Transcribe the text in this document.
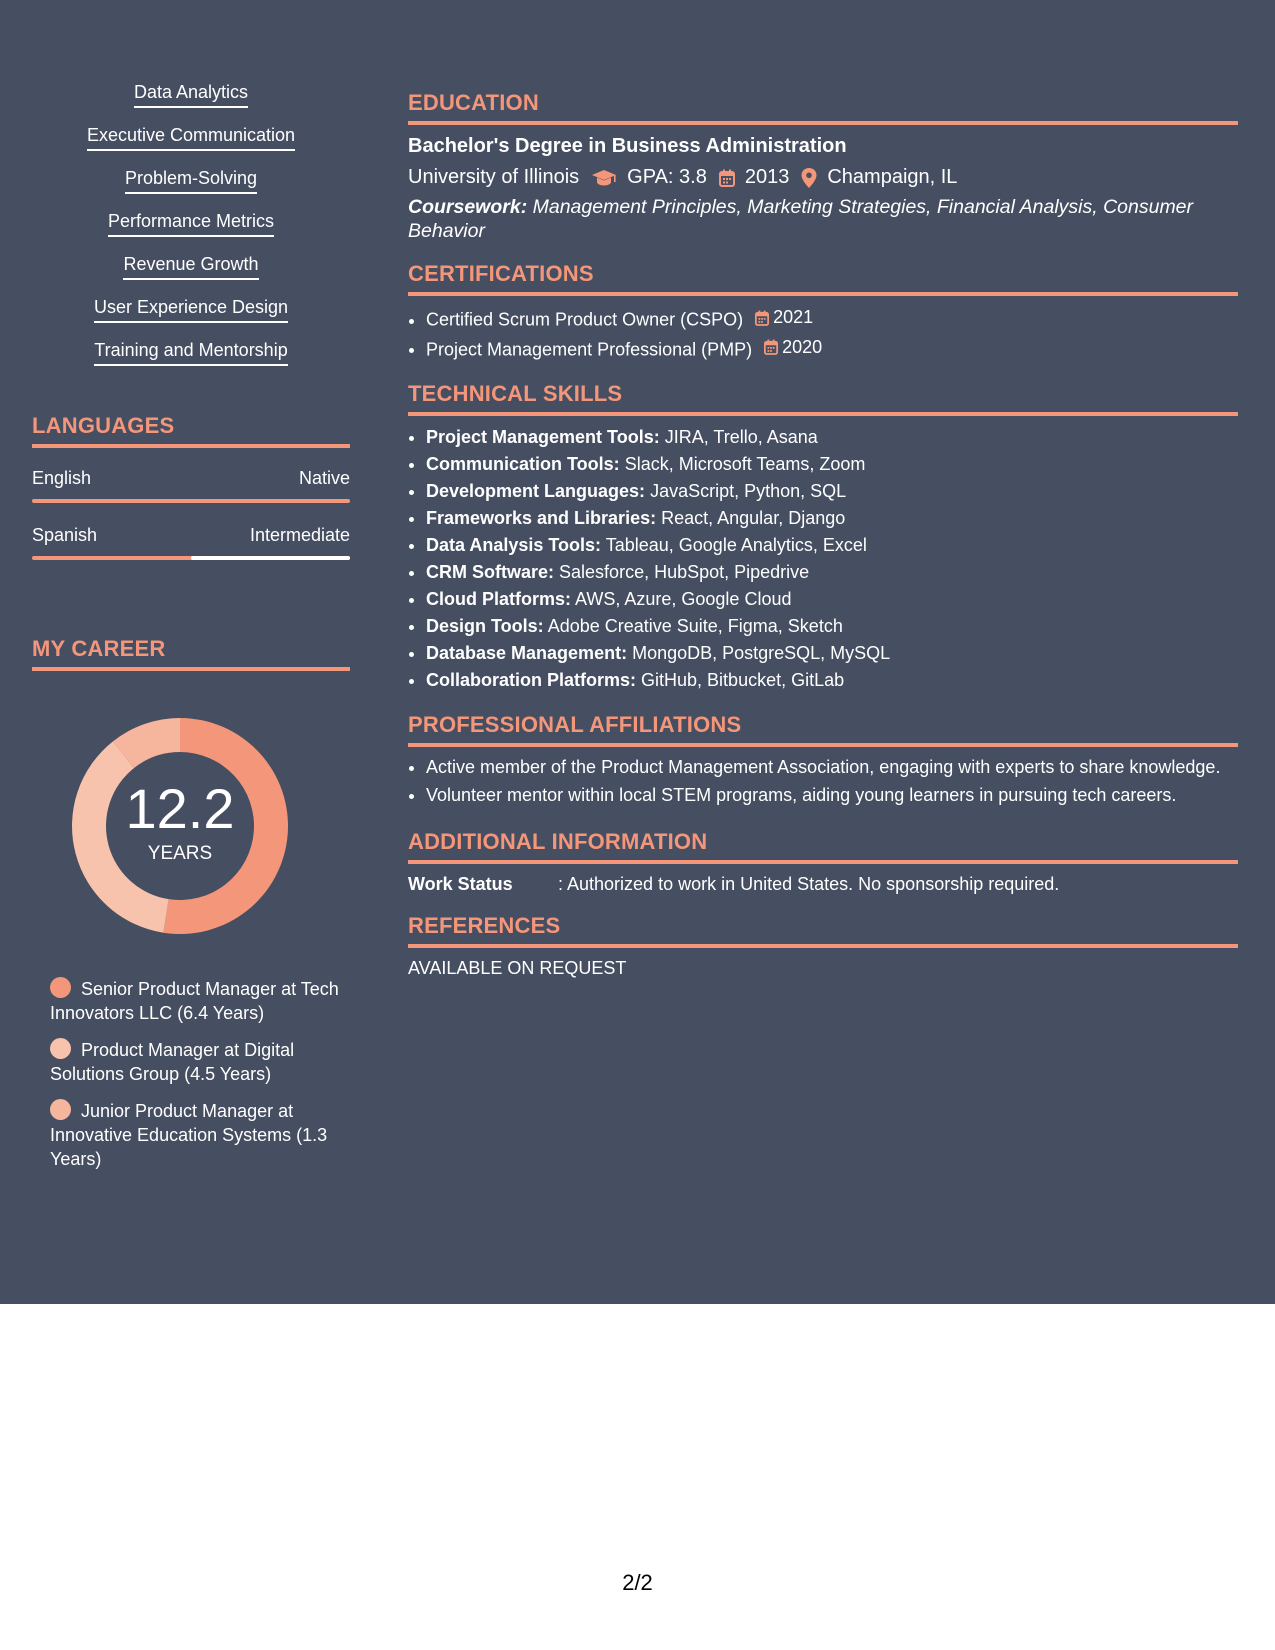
Data Analytics
Executive Communication
Problem-Solving
Performance Metrics
Revenue Growth
User Experience Design
Training and Mentorship
LANGUAGES
English	Native
Spanish	Intermediate
MY CAREER
12.2
YEARS
Senior Product Manager at Tech Innovators LLC (6.4 Years)
Product Manager at Digital Solutions Group (4.5 Years)
Junior Product Manager at Innovative Education Systems (1.3 Years)
EDUCATION
Bachelor's Degree in Business Administration
University of Illinois GPA: 3.8 2013 Champaign, IL
Coursework: Management Principles, Marketing Strategies, Financial Analysis, Consumer Behavior
CERTIFICATIONS
• Certified Scrum Product Owner (CSPO) 2021
• Project Management Professional (PMP) 2020
TECHNICAL SKILLS
• Project Management Tools: JIRA, Trello, Asana
• Communication Tools: Slack, Microsoft Teams, Zoom
• Development Languages: JavaScript, Python, SQL
• Frameworks and Libraries: React, Angular, Django
• Data Analysis Tools: Tableau, Google Analytics, Excel
• CRM Software: Salesforce, HubSpot, Pipedrive
• Cloud Platforms: AWS, Azure, Google Cloud
• Design Tools: Adobe Creative Suite, Figma, Sketch
• Database Management: MongoDB, PostgreSQL, MySQL
• Collaboration Platforms: GitHub, Bitbucket, GitLab
PROFESSIONAL AFFILIATIONS
• Active member of the Product Management Association, engaging with experts to share knowledge.
• Volunteer mentor within local STEM programs, aiding young learners in pursuing tech careers.
ADDITIONAL INFORMATION
Work Status	: Authorized to work in United States. No sponsorship required.
REFERENCES
AVAILABLE ON REQUEST
2/2
